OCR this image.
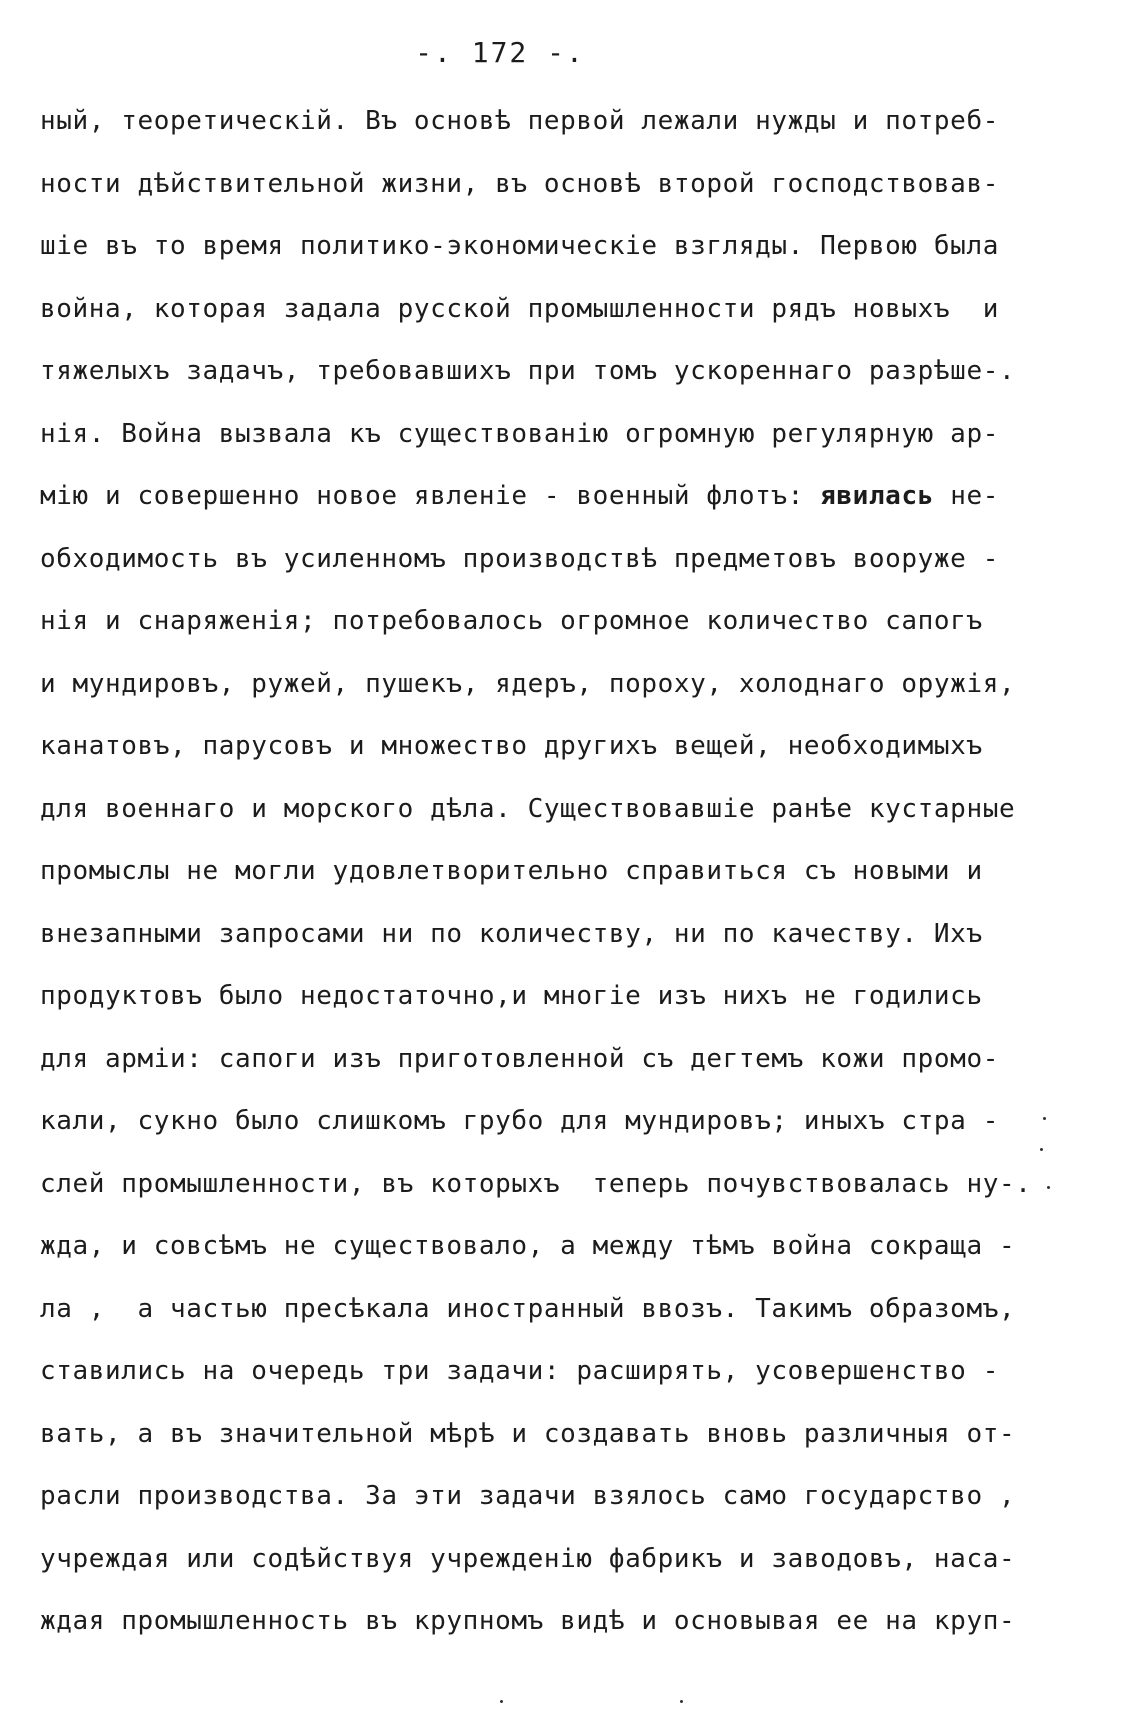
-. 172 -.
ный, теоретическій. Въ основѣ первой лежали нужды и потреб-
ности дѣйствительной жизни, въ основѣ второй господствовав-
шіе въ то время политико-экономическіе взгляды. Первою была
война, которая задала русской промышленности рядъ новыхъ  и
тяжелыхъ задачъ, требовавшихъ при томъ ускореннаго разрѣше-.
нія. Война вызвала къ существованію огромную регулярную ар-
мію и совершенно новое явленіе - военный флотъ: явилась не-
обходимость въ усиленномъ производствѣ предметовъ вооруже -
нія и снаряженія; потребовалось огромное количество сапогъ
и мундировъ, ружей, пушекъ, ядеръ, пороху, холоднаго оружія,
канатовъ, парусовъ и множество другихъ вещей, необходимыхъ
для военнаго и морского дѣла. Существовавшіе ранѣе кустарные
промыслы не могли удовлетворительно справиться съ новыми и
внезапными запросами ни по количеству, ни по качеству. Ихъ
продуктовъ было недостаточно,и многіе изъ нихъ не годились
для арміи: сапоги изъ приготовленной съ дегтемъ кожи промо-
кали, сукно было слишкомъ грубо для мундировъ; иныхъ стра -
слей промышленности, въ которыхъ  теперь почувствовалась ну-.
жда, и совсѣмъ не существовало, а между тѣмъ война сокраща -
ла ,  а частью пресѣкала иностранный ввозъ. Такимъ образомъ,
ставились на очередь три задачи: расширять, усовершенство -
вать, а въ значительной мѣрѣ и создавать вновь различныя от-
расли производства. За эти задачи взялось само государство ,
учреждая или содѣйствуя учрежденію фабрикъ и заводовъ, наса-
ждая промышленность въ крупномъ видѣ и основывая ее на круп-
